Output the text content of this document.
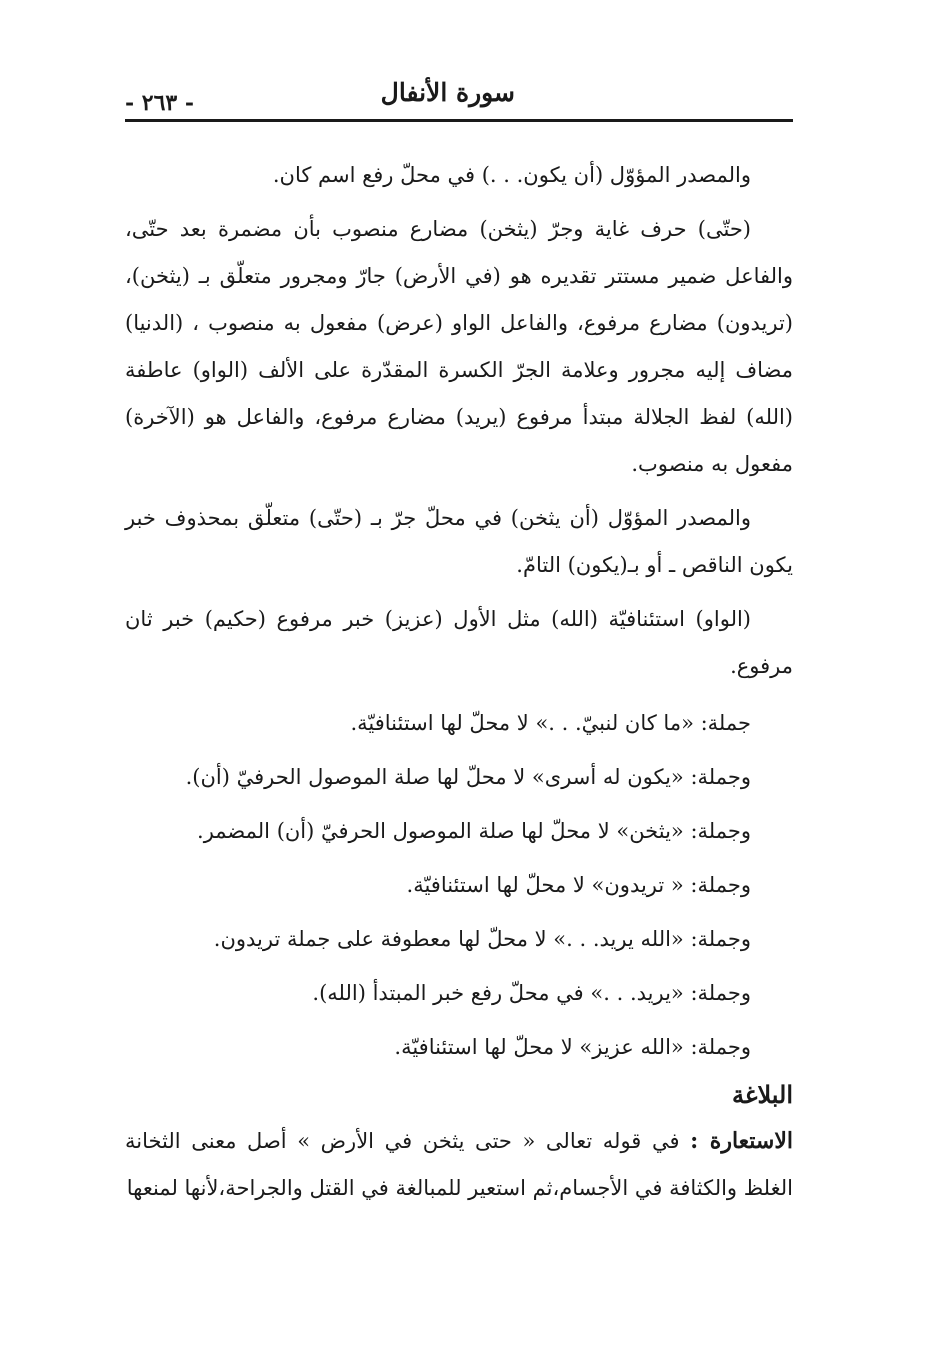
سورة الأنفال
- ٢٦٣ -

والمصدر المؤوّل (أن يكون. . .) في محلّ رفع اسم كان.

(حتّى) حرف غاية وجرّ (يثخن) مضارع منصوب بأن مضمرة بعد حتّى، والفاعل ضمير مستتر تقديره هو (في الأرض) جارّ ومجرور متعلّق بـ (يثخن)، (تريدون) مضارع مرفوع، والفاعل الواو (عرض) مفعول به منصوب ، (الدنيا) مضاف إليه مجرور وعلامة الجرّ الكسرة المقدّرة على الألف (الواو) عاطفة (الله) لفظ الجلالة مبتدأ مرفوع (يريد) مضارع مرفوع، والفاعل هو (الآخرة) مفعول به منصوب.

والمصدر المؤوّل (أن يثخن) في محلّ جرّ بـ (حتّى) متعلّق بمحذوف خبر يكون الناقص ـ أو بـ(يكون) التامّ.

(الواو) استئنافيّة (الله) مثل الأول (عزيز) خبر مرفوع (حكيم) خبر ثان مرفوع.

جملة: «ما كان لنبيّ. . .» لا محلّ لها استئنافيّة.

وجملة: «يكون له أسرى» لا محلّ لها صلة الموصول الحرفيّ (أن).

وجملة: «يثخن» لا محلّ لها صلة الموصول الحرفيّ (أن) المضمر.

وجملة: « تريدون» لا محلّ لها استئنافيّة.

وجملة: «الله يريد. . .» لا محلّ لها معطوفة على جملة تريدون.

وجملة: «يريد. . .» في محلّ رفع خبر المبتدأ (الله).

وجملة: «الله عزيز» لا محلّ لها استئنافيّة.

البلاغة

الاستعارة : في قوله تعالى « حتى يثخن في الأرض » أصل معنى الثخانة الغلظ والكثافة في الأجسام،ثم استعير للمبالغة في القتل والجراحة،لأنها لمنعها
